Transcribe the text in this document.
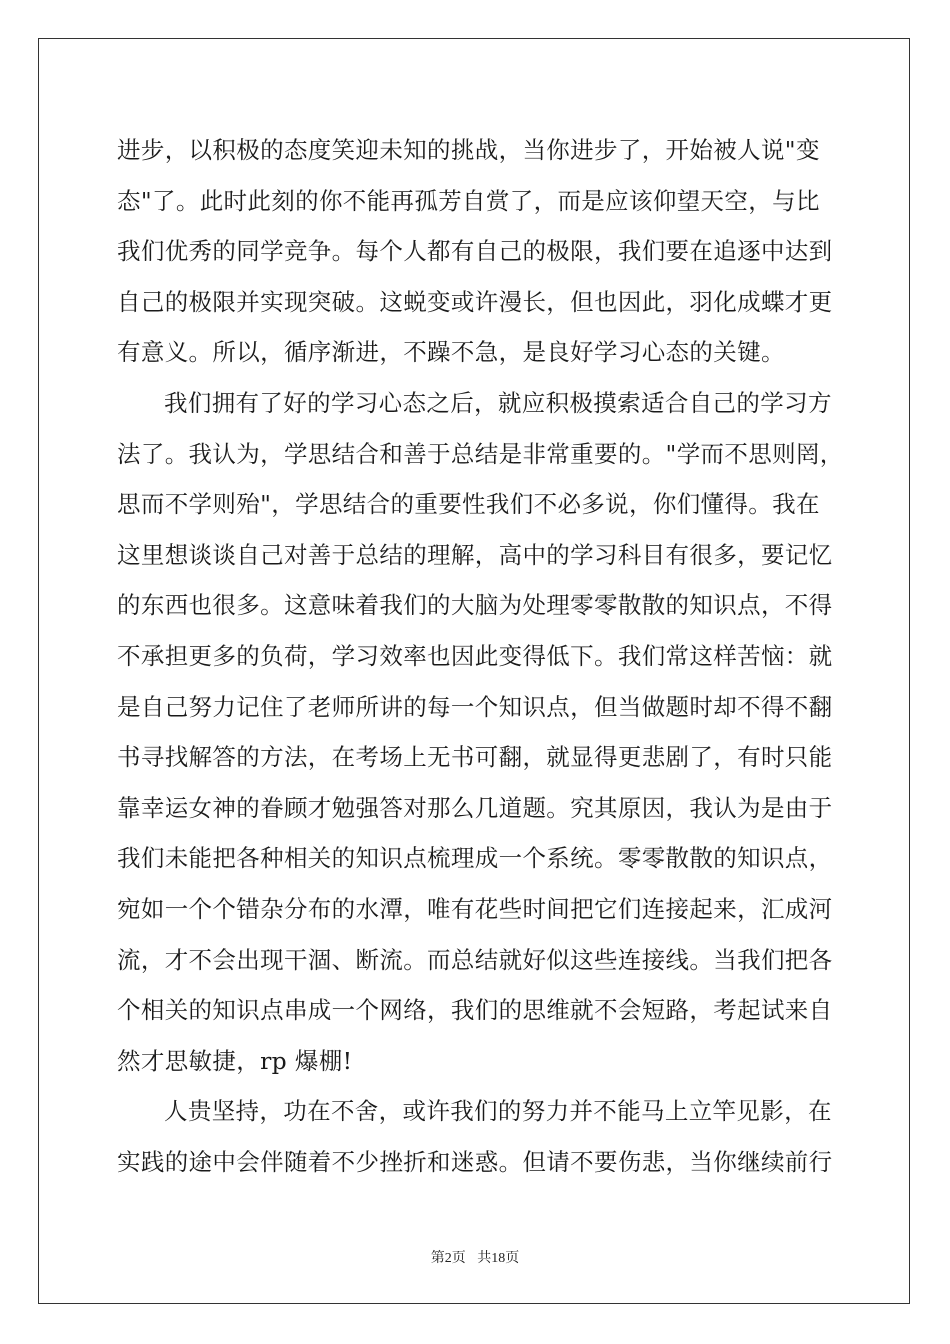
进步，以积极的态度笑迎未知的挑战，当你进步了，开始被人说"变
态"了。此时此刻的你不能再孤芳自赏了，而是应该仰望天空，与比
我们优秀的同学竞争。每个人都有自己的极限，我们要在追逐中达到
自己的极限并实现突破。这蜕变或许漫长，但也因此，羽化成蝶才更
有意义。所以，循序渐进，不躁不急，是良好学习心态的关键。
我们拥有了好的学习心态之后，就应积极摸索适合自己的学习方
法了。我认为，学思结合和善于总结是非常重要的。"学而不思则罔，
思而不学则殆"，学思结合的重要性我们不必多说，你们懂得。我在
这里想谈谈自己对善于总结的理解，高中的学习科目有很多，要记忆
的东西也很多。这意味着我们的大脑为处理零零散散的知识点，不得
不承担更多的负荷，学习效率也因此变得低下。我们常这样苦恼：就
是自己努力记住了老师所讲的每一个知识点，但当做题时却不得不翻
书寻找解答的方法，在考场上无书可翻，就显得更悲剧了，有时只能
靠幸运女神的眷顾才勉强答对那么几道题。究其原因，我认为是由于
我们未能把各种相关的知识点梳理成一个系统。零零散散的知识点，
宛如一个个错杂分布的水潭，唯有花些时间把它们连接起来，汇成河
流，才不会出现干涸、断流。而总结就好似这些连接线。当我们把各
个相关的知识点串成一个网络，我们的思维就不会短路，考起试来自
然才思敏捷，rp 爆棚!
人贵坚持，功在不舍，或许我们的努力并不能马上立竿见影，在
实践的途中会伴随着不少挫折和迷惑。但请不要伤悲，当你继续前行
第2页 共18页
